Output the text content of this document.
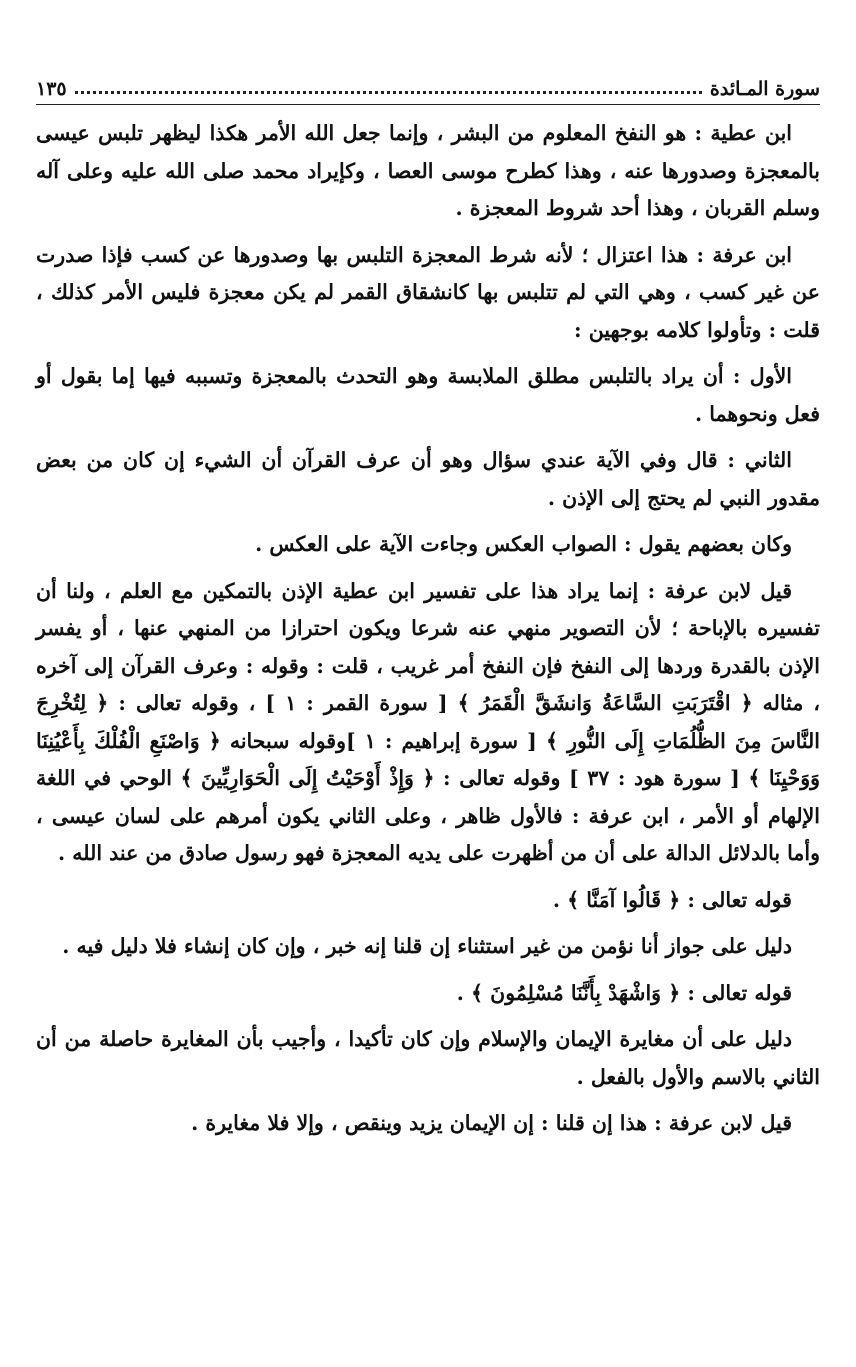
سورة المـائدة
١٣٥

ابن عطية : هو النفخ المعلوم من البشر ، وإنما جعل الله الأمر هكذا ليظهر تلبس عيسى بالمعجزة وصدورها عنه ، وهذا كطرح موسى العصا ، وكإيراد محمد صلى الله عليه وعلى آله وسلم القربان ، وهذا أحد شروط المعجزة .

ابن عرفة : هذا اعتزال ؛ لأنه شرط المعجزة التلبس بها وصدورها عن كسب فإذا صدرت عن غير كسب ، وهي التي لم تتلبس بها كانشقاق القمر لم يكن معجزة فليس الأمر كذلك ، قلت : وتأولوا كلامه بوجهين :

الأول : أن يراد بالتلبس مطلق الملابسة وهو التحدث بالمعجزة وتسببه فيها إما بقول أو فعل ونحوهما .

الثاني : قال وفي الآية عندي سؤال وهو أن عرف القرآن أن الشيء إن كان من بعض مقدور النبي لم يحتج إلى الإذن .

وكان بعضهم يقول : الصواب العكس وجاءت الآية على العكس .

قيل لابن عرفة : إنما يراد هذا على تفسير ابن عطية الإذن بالتمكين مع العلم ، ولنا أن تفسيره بالإباحة ؛ لأن التصوير منهي عنه شرعا ويكون احترازا من المنهي عنها ، أو يفسر الإذن بالقدرة وردها إلى النفخ فإن النفخ أمر غريب ، قلت : وقوله : وعرف القرآن إلى آخره ، مثاله ﴿ اقْتَرَبَتِ السَّاعَةُ وَانشَقَّ الْقَمَرُ ﴾ [ سورة القمر : ١ ] ، وقوله تعالى : ﴿ لِتُخْرِجَ النَّاسَ مِنَ الظُّلُمَاتِ إِلَى النُّورِ ﴾ [ سورة إبراهيم : ١ ]وقوله سبحانه ﴿ وَاصْنَعِ الْفُلْكَ بِأَعْيُنِنَا وَوَحْيِنَا ﴾ [ سورة هود : ٣٧ ] وقوله تعالى : ﴿ وَإِذْ أَوْحَيْتُ إِلَى الْحَوَارِيِّينَ ﴾ الوحي في اللغة الإلهام أو الأمر ، ابن عرفة : فالأول ظاهر ، وعلى الثاني يكون أمرهم على لسان عيسى ، وأما بالدلائل الدالة على أن من أظهرت على يديه المعجزة فهو رسول صادق من عند الله .

قوله تعالى : ﴿ قَالُوا آمَنَّا ﴾ .

دليل على جواز أنا نؤمن من غير استثناء إن قلنا إنه خبر ، وإن كان إنشاء فلا دليل فيه .

قوله تعالى : ﴿ وَاشْهَدْ بِأَنَّنَا مُسْلِمُونَ ﴾ .

دليل على أن مغايرة الإيمان والإسلام وإن كان تأكيدا ، وأجيب بأن المغايرة حاصلة من أن الثاني بالاسم والأول بالفعل .

قيل لابن عرفة : هذا إن قلنا : إن الإيمان يزيد وينقص ، وإلا فلا مغايرة .
